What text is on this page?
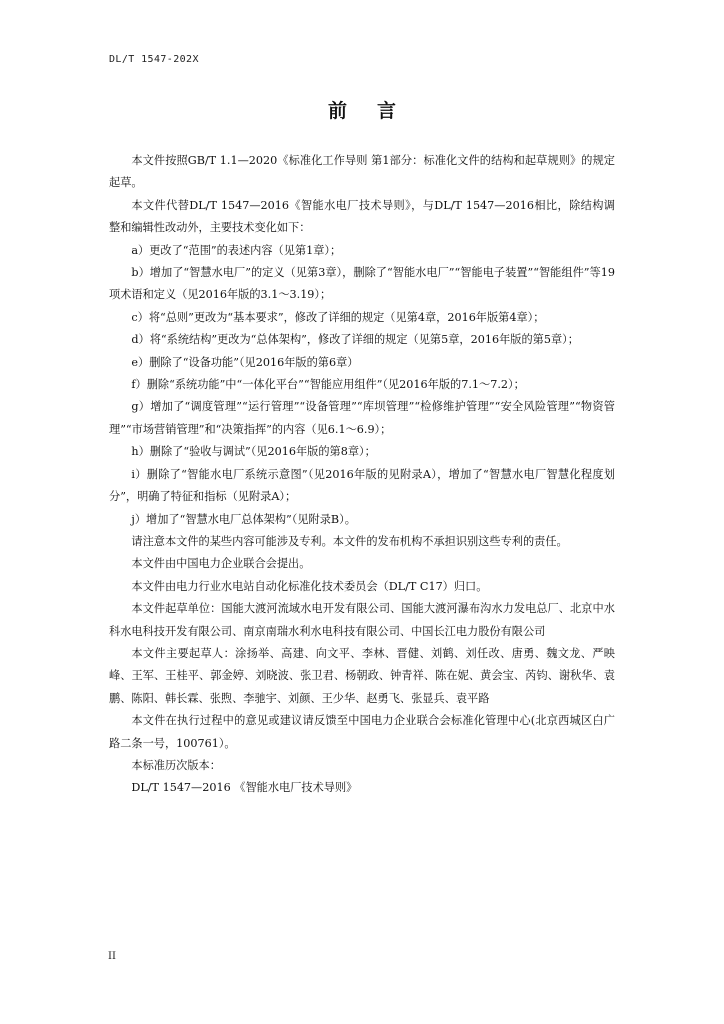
DL/T 1547-202X
前言

本文件按照GB/T 1.1—2020《标准化工作导则 第1部分：标准化文件的结构和起草规则》的规定起草。

本文件代替DL/T 1547—2016《智能水电厂技术导则》，与DL/T 1547—2016相比，除结构调整和编辑性改动外，主要技术变化如下：

a）更改了“范围”的表述内容（见第1章）；

b）增加了“智慧水电厂”的定义（见第3章），删除了“智能水电厂”“智能电子装置”“智能组件”等19项术语和定义（见2016年版的3.1～3.19）；

c）将“总则”更改为“基本要求”，修改了详细的规定（见第4章，2016年版第4章）；

d）将“系统结构”更改为“总体架构”，修改了详细的规定（见第5章，2016年版的第5章）；

e）删除了“设备功能”（见2016年版的第6章）

f）删除“系统功能”中“一体化平台”“智能应用组件”（见2016年版的7.1～7.2）；

g）增加了“调度管理”“运行管理”“设备管理”“库坝管理”“检修维护管理”“安全风险管理”“物资管理”“市场营销管理”和“决策指挥”的内容（见6.1～6.9）；

h）删除了“验收与调试”（见2016年版的第8章）；

i）删除了“智能水电厂系统示意图”（见2016年版的见附录A），增加了“智慧水电厂智慧化程度划分”，明确了特征和指标（见附录A）；

j）增加了“智慧水电厂总体架构”（见附录B）。

请注意本文件的某些内容可能涉及专利。本文件的发布机构不承担识别这些专利的责任。

本文件由中国电力企业联合会提出。

本文件由电力行业水电站自动化标准化技术委员会（DL/T C17）归口。

本文件起草单位：国能大渡河流域水电开发有限公司、国能大渡河瀑布沟水力发电总厂、北京中水科水电科技开发有限公司、南京南瑞水利水电科技有限公司、中国长江电力股份有限公司

本文件主要起草人：涂扬举、高建、向文平、李林、晋健、刘鹤、刘任改、唐勇、魏文龙、严映峰、王军、王桂平、郭金婷、刘晓波、张卫君、杨朝政、钟青祥、陈在妮、黄会宝、芮钧、谢秋华、袁鹏、陈阳、韩长霖、张煦、李驰宇、刘颜、王少华、赵勇飞、张显兵、袁平路

本文件在执行过程中的意见或建议请反馈至中国电力企业联合会标准化管理中心(北京西城区白广路二条一号，100761）。

本标准历次版本：

DL/T 1547—2016 《智能水电厂技术导则》

II
